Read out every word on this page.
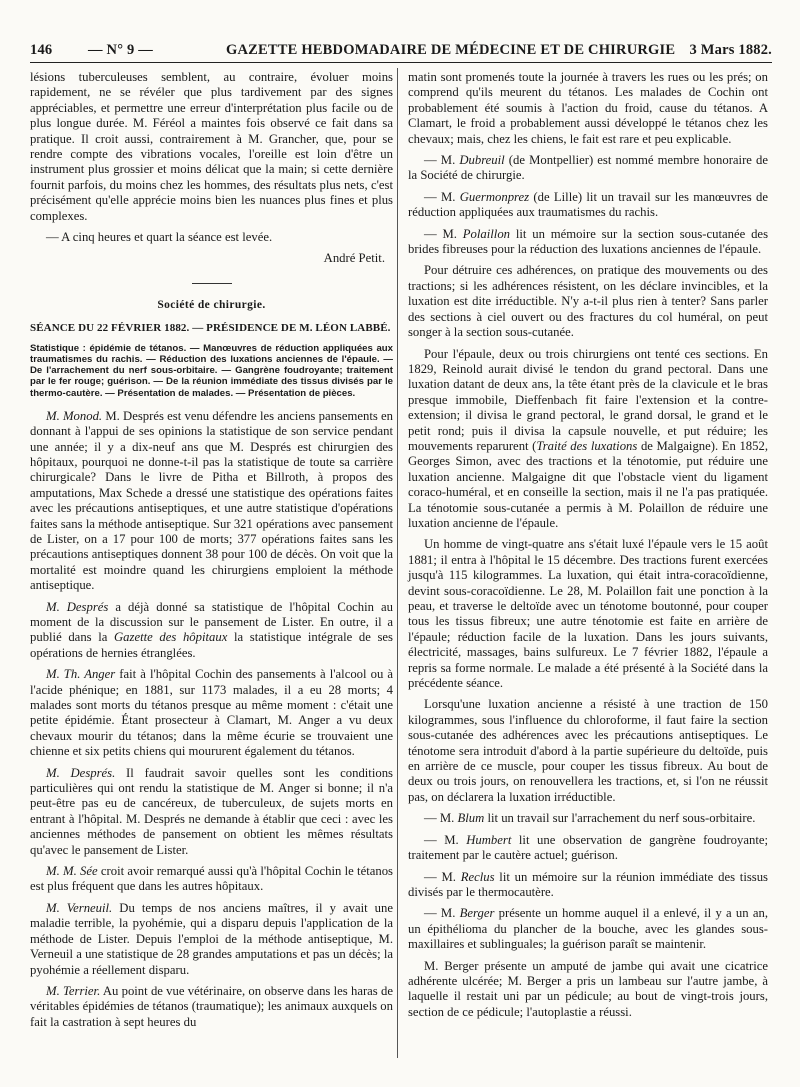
146 — N° 9 —	GAZETTE HEBDOMADAIRE DE MÉDECINE ET DE CHIRURGIE 3 Mars 1882.

lésions tuberculeuses semblent, au contraire, évoluer moins rapidement, ne se révéler que plus tardivement par des signes appréciables, et permettre une erreur d'interprétation plus facile ou de plus longue durée. M. Féréol a maintes fois observé ce fait dans sa pratique. Il croit aussi, contrairement à M. Grancher, que, pour se rendre compte des vibrations vocales, l'oreille est loin d'être un instrument plus grossier et moins délicat que la main; si cette dernière fournit parfois, du moins chez les hommes, des résultats plus nets, c'est précisément qu'elle apprécie moins bien les nuances plus fines et plus complexes.

— A cinq heures et quart la séance est levée.

André Petit.

Société de chirurgie.

SÉANCE DU 22 FÉVRIER 1882. — PRÉSIDENCE DE M. LÉON LABBÉ.

Statistique : épidémie de tétanos. — Manœuvres de réduction appliquées aux traumatismes du rachis. — Réduction des luxations anciennes de l'épaule. — De l'arrachement du nerf sous-orbitaire. — Gangrène foudroyante; traitement par le fer rouge; guérison. — De la réunion immédiate des tissus divisés par le thermo-cautère. — Présentation de malades. — Présentation de pièces.

M. Monod. M. Després est venu défendre les anciens pansements en donnant à l'appui de ses opinions la statistique de son service pendant une année; il y a dix-neuf ans que M. Després est chirurgien des hôpitaux, pourquoi ne donne-t-il pas la statistique de toute sa carrière chirurgicale? Dans le livre de Pitha et Billroth, à propos des amputations, Max Schede a dressé une statistique des opérations faites avec les précautions antiseptiques, et une autre statistique d'opérations faites sans la méthode antiseptique. Sur 321 opérations avec pansement de Lister, on a 17 pour 100 de morts; 377 opérations faites sans les précautions antiseptiques donnent 38 pour 100 de décès. On voit que la mortalité est moindre quand les chirurgiens emploient la méthode antiseptique.

M. Després a déjà donné sa statistique de l'hôpital Cochin au moment de la discussion sur le pansement de Lister. En outre, il a publié dans la Gazette des hôpitaux la statistique intégrale de ses opérations de hernies étranglées.

M. Th. Anger fait à l'hôpital Cochin des pansements à l'alcool ou à l'acide phénique; en 1881, sur 1173 malades, il a eu 28 morts; 4 malades sont morts du tétanos presque au même moment : c'était une petite épidémie. Étant prosecteur à Clamart, M. Anger a vu deux chevaux mourir du tétanos; dans la même écurie se trouvaient une chienne et six petits chiens qui moururent également du tétanos.

M. Després. Il faudrait savoir quelles sont les conditions particulières qui ont rendu la statistique de M. Anger si bonne; il n'a peut-être pas eu de cancéreux, de tuberculeux, de sujets morts en entrant à l'hôpital. M. Després ne demande à établir que ceci : avec les anciennes méthodes de pansement on obtient les mêmes résultats qu'avec le pansement de Lister.

M. M. Sée croit avoir remarqué aussi qu'à l'hôpital Cochin le tétanos est plus fréquent que dans les autres hôpitaux.

M. Verneuil. Du temps de nos anciens maîtres, il y avait une maladie terrible, la pyohémie, qui a disparu depuis l'application de la méthode de Lister. Depuis l'emploi de la méthode antiseptique, M. Verneuil a une statistique de 28 grandes amputations et pas un décès; la pyohémie a réellement disparu.

M. Terrier. Au point de vue vétérinaire, on observe dans les haras de véritables épidémies de tétanos (traumatique); les animaux auxquels on fait la castration à sept heures du

matin sont promenés toute la journée à travers les rues ou les prés; on comprend qu'ils meurent du tétanos. Les malades de Cochin ont probablement été soumis à l'action du froid, cause du tétanos. A Clamart, le froid a probablement aussi développé le tétanos chez les chevaux; mais, chez les chiens, le fait est rare et peu explicable.

— M. Dubreuil (de Montpellier) est nommé membre honoraire de la Société de chirurgie.

— M. Guermonprez (de Lille) lit un travail sur les manœuvres de réduction appliquées aux traumatismes du rachis.

— M. Polaillon lit un mémoire sur la section sous-cutanée des brides fibreuses pour la réduction des luxations anciennes de l'épaule.

Pour détruire ces adhérences, on pratique des mouvements ou des tractions; si les adhérences résistent, on les déclare invincibles, et la luxation est dite irréductible. N'y a-t-il plus rien à tenter? Sans parler des sections à ciel ouvert ou des fractures du col huméral, on peut songer à la section sous-cutanée.

Pour l'épaule, deux ou trois chirurgiens ont tenté ces sections. En 1829, Reinold aurait divisé le tendon du grand pectoral. Dans une luxation datant de deux ans, la tête étant près de la clavicule et le bras presque immobile, Dieffenbach fit faire l'extension et la contre-extension; il divisa le grand pectoral, le grand dorsal, le grand et le petit rond; puis il divisa la capsule nouvelle, et put réduire; les mouvements reparurent (Traité des luxations de Malgaigne). En 1852, Georges Simon, avec des tractions et la ténotomie, put réduire une luxation ancienne. Malgaigne dit que l'obstacle vient du ligament coraco-huméral, et en conseille la section, mais il ne l'a pas pratiquée. La ténotomie sous-cutanée a permis à M. Polaillon de réduire une luxation ancienne de l'épaule.

Un homme de vingt-quatre ans s'était luxé l'épaule vers le 15 août 1881; il entra à l'hôpital le 15 décembre. Des tractions furent exercées jusqu'à 115 kilogrammes. La luxation, qui était intra-coracoïdienne, devint sous-coracoïdienne. Le 28, M. Polaillon fait une ponction à la peau, et traverse le deltoïde avec un ténotome boutonné, pour couper tous les tissus fibreux; une autre ténotomie est faite en arrière de l'épaule; réduction facile de la luxation. Dans les jours suivants, électricité, massages, bains sulfureux. Le 7 février 1882, l'épaule a repris sa forme normale. Le malade a été présenté à la Société dans la précédente séance.

Lorsqu'une luxation ancienne a résisté à une traction de 150 kilogrammes, sous l'influence du chloroforme, il faut faire la section sous-cutanée des adhérences avec les précautions antiseptiques. Le ténotome sera introduit d'abord à la partie supérieure du deltoïde, puis en arrière de ce muscle, pour couper les tissus fibreux. Au bout de deux ou trois jours, on renouvellera les tractions, et, si l'on ne réussit pas, on déclarera la luxation irréductible.

— M. Blum lit un travail sur l'arrachement du nerf sous-orbitaire.

— M. Humbert lit une observation de gangrène foudroyante; traitement par le cautère actuel; guérison.

— M. Reclus lit un mémoire sur la réunion immédiate des tissus divisés par le thermocautère.

— M. Berger présente un homme auquel il a enlevé, il y a un an, un épithélioma du plancher de la bouche, avec les glandes sous-maxillaires et sublinguales; la guérison paraît se maintenir.

M. Berger présente un amputé de jambe qui avait une cicatrice adhérente ulcérée; M. Berger a pris un lambeau sur l'autre jambe, à laquelle il restait uni par un pédicule; au bout de vingt-trois jours, section de ce pédicule; l'autoplastie a réussi.
